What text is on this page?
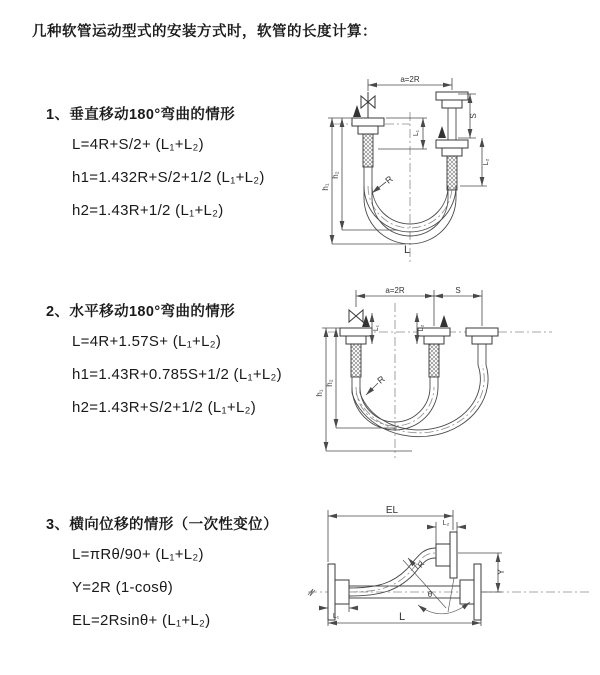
几种软管运动型式的安装方式时，软管的长度计算：
1、垂直移动180°弯曲的情形

L=4R+S/2+ (L₁+L₂)

h1=1.432R+S/2+1/2 (L₁+L₂)

h2=1.43R+1/2 (L₁+L₂)

2、水平移动180°弯曲的情形

L=4R+1.57S+ (L₁+L₂)

h1=1.43R+0.785S+1/2 (L₁+L₂)

h2=1.43R+S/2+1/2 (L₁+L₂)

3、横向位移的情形（一次性变位）

L=πRθ/90+ (L₁+L₂)

Y=2R (1-cosθ)

EL=2Rsinθ+ (L₁+L₂)

a=2R
S
L₂
L₁
h₁
h₂	R
L
a=2R	S
L₁	L₂
h₁
h₂	R
θ
R
EL
L₂
Y
L₁	L
